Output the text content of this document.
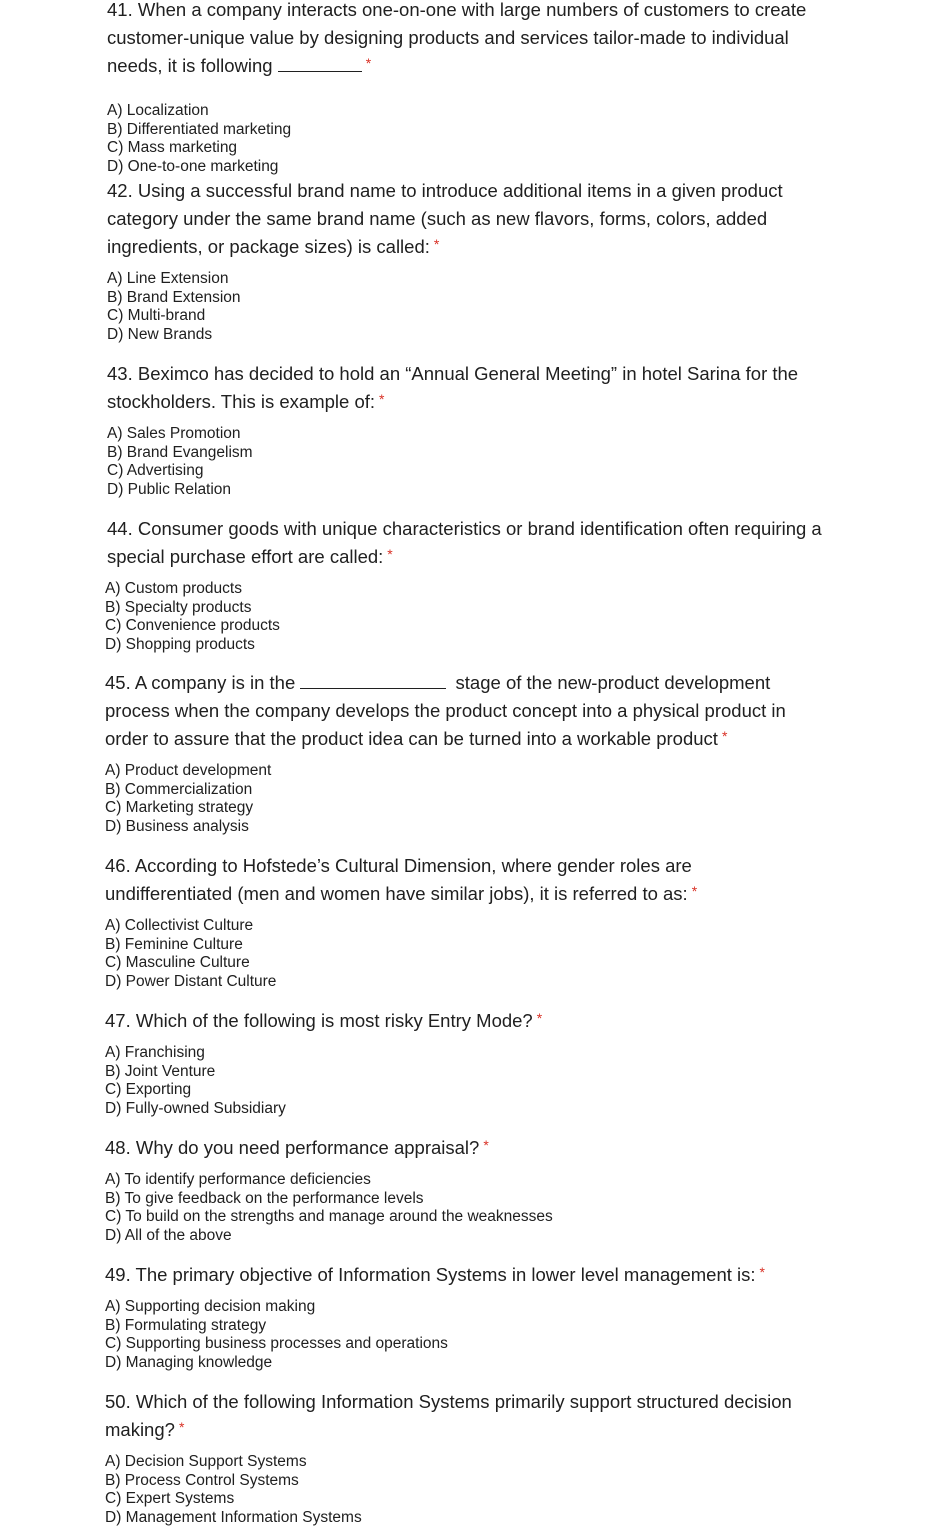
41. When a company interacts one-on-one with large numbers of customers to create customer-unique value by designing products and services tailor-made to individual needs, it is following	*

A) Localization
B) Differentiated marketing
C) Mass marketing
D) One-to-one marketing

42. Using a successful brand name to introduce additional items in a given product category under the same brand name (such as new flavors, forms, colors, added ingredients, or package sizes) is called: *

A) Line Extension
B) Brand Extension
C) Multi-brand
D) New Brands

43. Beximco has decided to hold an “Annual General Meeting” in hotel Sarina for the stockholders. This is example of: *

A) Sales Promotion
B) Brand Evangelism
C) Advertising
D) Public Relation

44. Consumer goods with unique characteristics or brand identification often requiring a special purchase effort are called: *

A) Custom products
B) Specialty products
C) Convenience products
D) Shopping products

45. A company is in the	stage of the new-product development process when the company develops the product concept into a physical product in order to assure that the product idea can be turned into a workable product *

A) Product development
B) Commercialization
C) Marketing strategy
D) Business analysis

46. According to Hofstede’s Cultural Dimension, where gender roles are undifferentiated (men and women have similar jobs), it is referred to as: *

A) Collectivist Culture
B) Feminine Culture
C) Masculine Culture
D) Power Distant Culture

47. Which of the following is most risky Entry Mode? *

A) Franchising
B) Joint Venture
C) Exporting
D) Fully-owned Subsidiary

48. Why do you need performance appraisal? *

A) To identify performance deficiencies
B) To give feedback on the performance levels
C) To build on the strengths and manage around the weaknesses
D) All of the above

49. The primary objective of Information Systems in lower level management is: *

A) Supporting decision making
B) Formulating strategy
C) Supporting business processes and operations
D) Managing knowledge

50. Which of the following Information Systems primarily support structured decision making? *

A) Decision Support Systems
B) Process Control Systems
C) Expert Systems
D) Management Information Systems
